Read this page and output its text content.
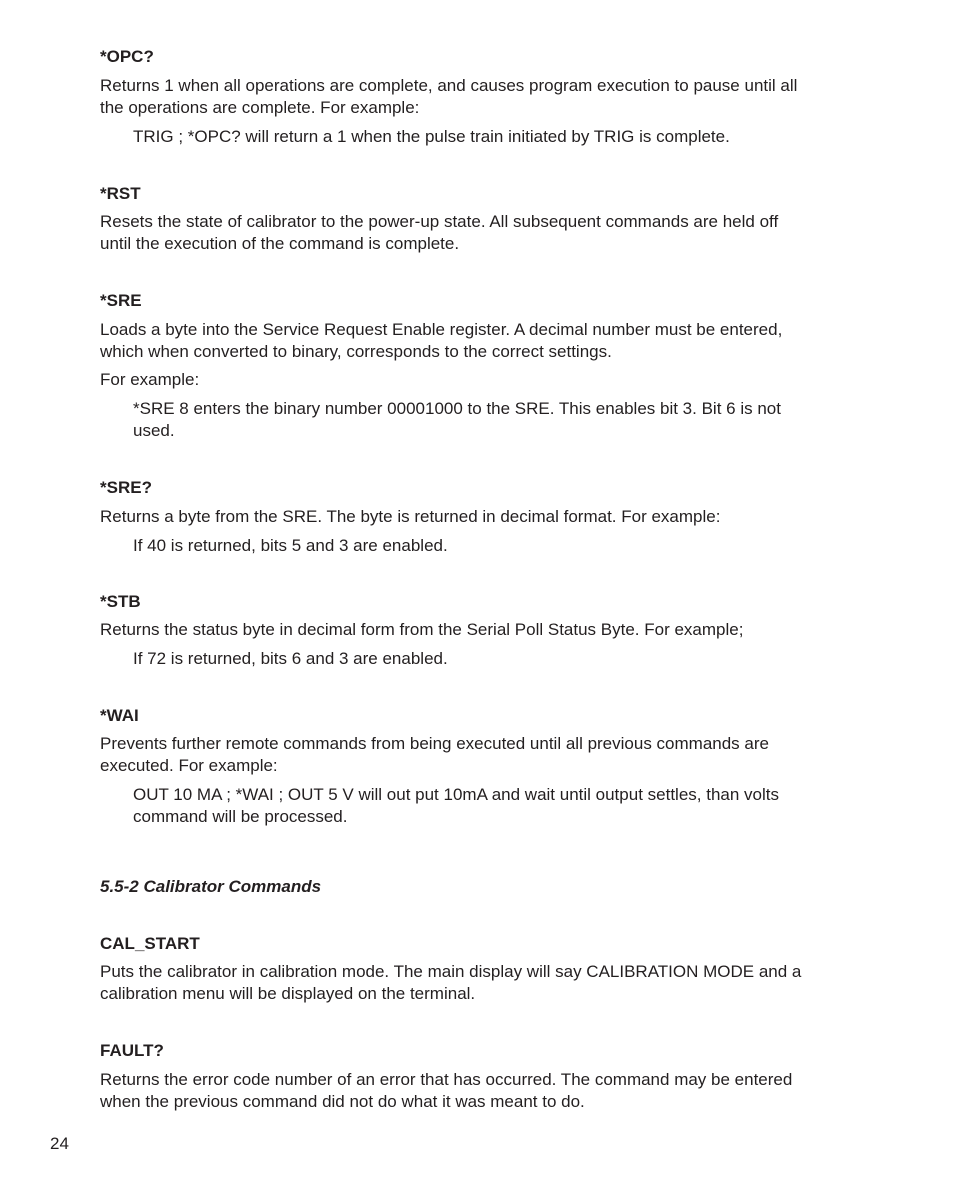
*OPC?

Returns 1 when all operations are complete, and causes program execution to pause until all

the operations are complete. For example:

TRIG ; *OPC? will return a 1 when the pulse train initiated by TRIG is complete.

*RST

Resets the state of calibrator to the power-up state. All subsequent commands are held off

until the execution of the command is complete.

*SRE

Loads a byte into the Service Request Enable register. A decimal number must be entered,

which when converted to binary, corresponds to the correct settings.

For example:

*SRE 8 enters the binary number 00001000 to the SRE. This enables bit 3. Bit 6 is not

used.

*SRE?

Returns a byte from the SRE. The byte is returned in decimal format. For example:

If 40 is returned, bits 5 and 3 are enabled.

*STB

Returns the status byte in decimal form from the Serial Poll Status Byte. For example;

If 72 is returned, bits 6 and 3 are enabled.

*WAI

Prevents further remote commands from being executed until all previous commands are

executed. For example:

OUT 10 MA ; *WAI ; OUT 5 V will out put 10mA and wait until output settles, than volts

command will be processed.

5.5-2 Calibrator Commands

CAL_START

Puts the calibrator in calibration mode. The main display will say CALIBRATION MODE and a

calibration menu will be displayed on the terminal.

FAULT?

Returns the error code number of an error that has occurred. The command may be entered

when the previous command did not do what it was meant to do.

24
